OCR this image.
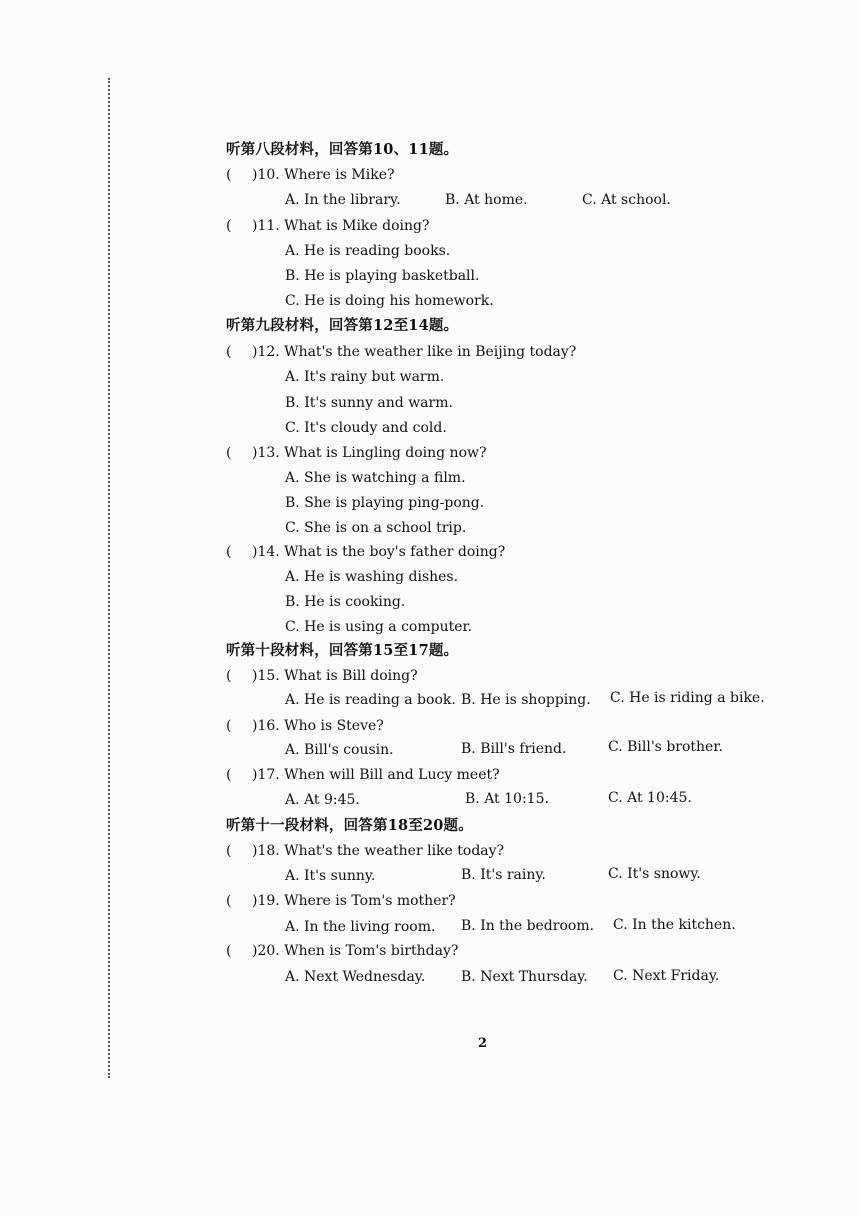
听第八段材料，回答第10、11题。
(	)10. Where is Mike?
A. In the library.	B. At home.	C. At school.
(	)11. What is Mike doing?
A. He is reading books.
B. He is playing basketball.
C. He is doing his homework.
听第九段材料，回答第12至14题。
(	)12. What's the weather like in Beijing today?
A. It's rainy but warm.
B. It's sunny and warm.
C. It's cloudy and cold.
(	)13. What is Lingling doing now?
A. She is watching a film.
B. She is playing ping-pong.
C. She is on a school trip.
(	)14. What is the boy's father doing?
A. He is washing dishes.
B. He is cooking.
C. He is using a computer.
听第十段材料，回答第15至17题。
(	)15. What is Bill doing?
A. He is reading a book. B. He is shopping. C. He is riding a bike.
(	)16. Who is Steve?
A. Bill's cousin.	B. Bill's friend.	C. Bill's brother.
(	)17. When will Bill and Lucy meet?
A. At 9:45.	B. At 10:15.	C. At 10:45.
听第十一段材料，回答第18至20题。
(	)18. What's the weather like today?
A. It's sunny.	B. It's rainy.	C. It's snowy.
(	)19. Where is Tom's mother?
A. In the living room. B. In the bedroom. C. In the kitchen.
(	)20. When is Tom's birthday?
A. Next Wednesday.	B. Next Thursday. C. Next Friday.
2
